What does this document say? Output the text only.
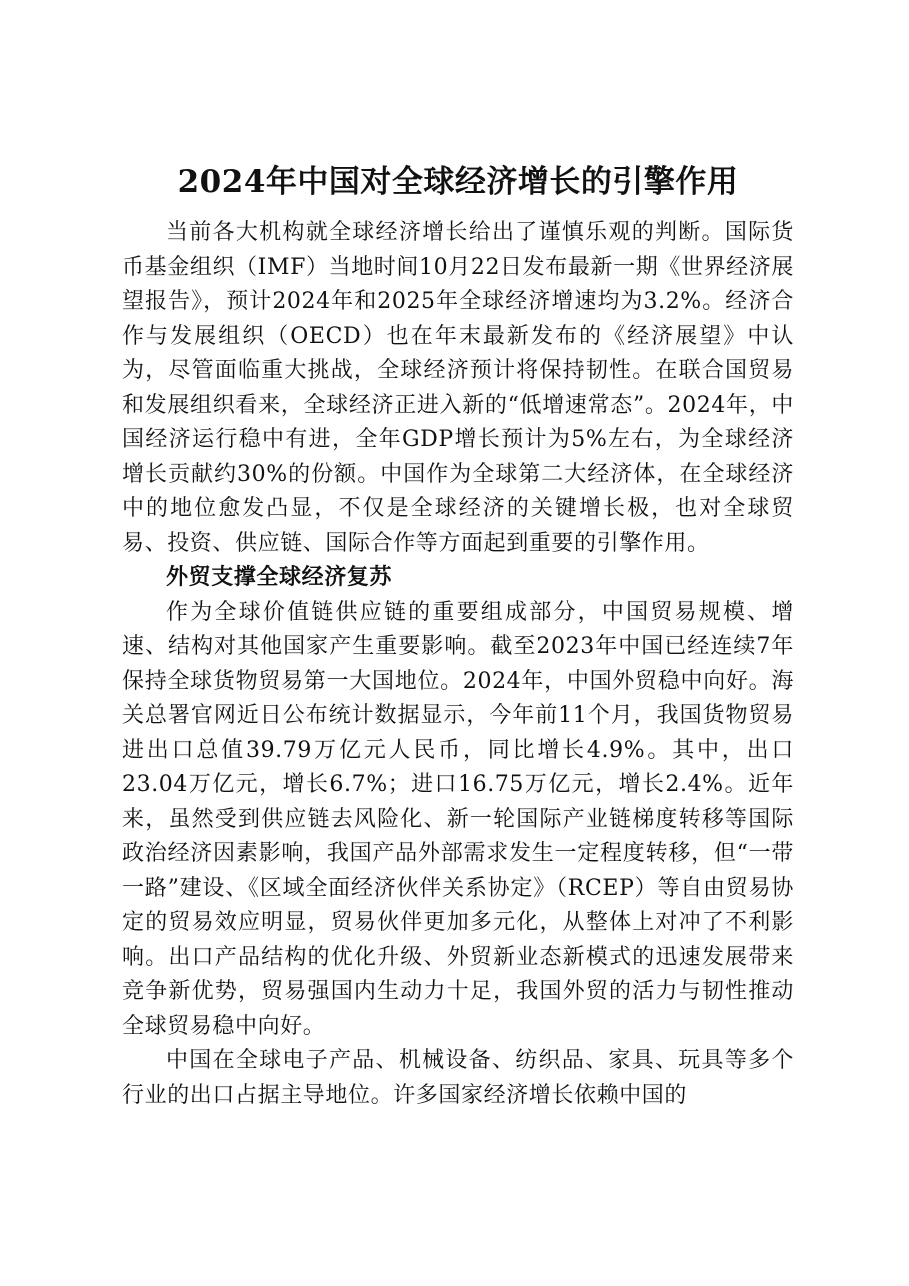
2024年中国对全球经济增长的引擎作用

当前各大机构就全球经济增长给出了谨慎乐观的判断。国际货币基金组织（IMF）当地时间10月22日发布最新一期《世界经济展望报告》，预计2024年和2025年全球经济增速均为3.2%。经济合作与发展组织（OECD）也在年末最新发布的《经济展望》中认为，尽管面临重大挑战，全球经济预计将保持韧性。在联合国贸易和发展组织看来，全球经济正进入新的“低增速常态”。2024年，中国经济运行稳中有进，全年GDP增长预计为5%左右，为全球经济增长贡献约30%的份额。中国作为全球第二大经济体，在全球经济中的地位愈发凸显，不仅是全球经济的关键增长极，也对全球贸易、投资、供应链、国际合作等方面起到重要的引擎作用。

外贸支撑全球经济复苏

作为全球价值链供应链的重要组成部分，中国贸易规模、增速、结构对其他国家产生重要影响。截至2023年中国已经连续7年保持全球货物贸易第一大国地位。2024年，中国外贸稳中向好。海关总署官网近日公布统计数据显示，今年前11个月，我国货物贸易进出口总值39.79万亿元人民币，同比增长4.9%。其中，出口23.04万亿元，增长6.7%；进口16.75万亿元，增长2.4%。近年来，虽然受到供应链去风险化、新一轮国际产业链梯度转移等国际政治经济因素影响，我国产品外部需求发生一定程度转移，但“一带一路”建设、《区域全面经济伙伴关系协定》（RCEP）等自由贸易协定的贸易效应明显，贸易伙伴更加多元化，从整体上对冲了不利影响。出口产品结构的优化升级、外贸新业态新模式的迅速发展带来竞争新优势，贸易强国内生动力十足，我国外贸的活力与韧性推动全球贸易稳中向好。

中国在全球电子产品、机械设备、纺织品、家具、玩具等多个行业的出口占据主导地位。许多国家经济增长依赖中国的
